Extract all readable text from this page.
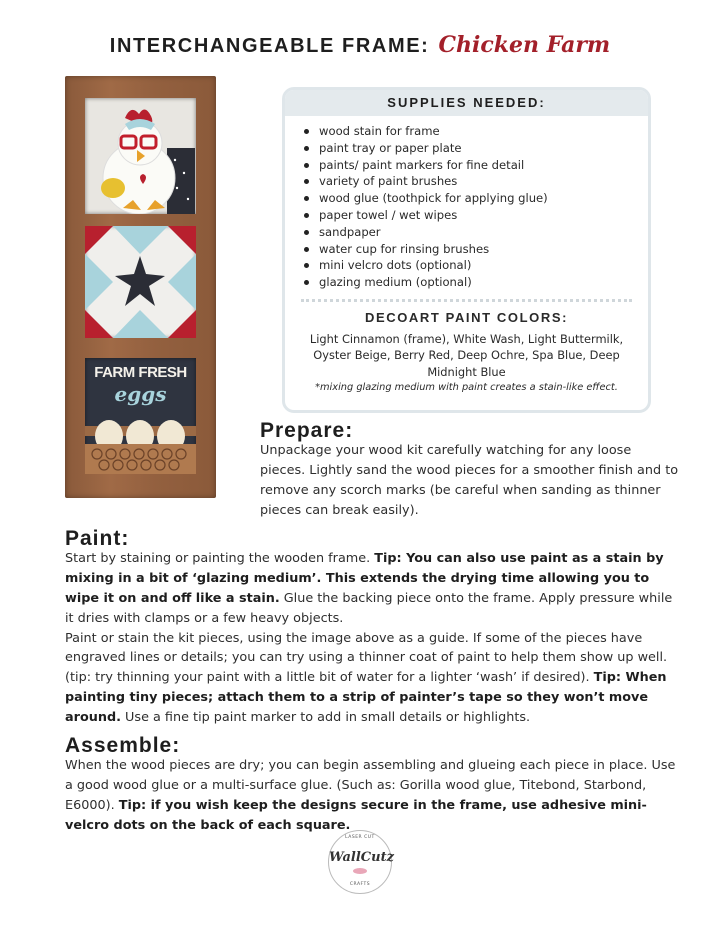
INTERCHANGEABLE FRAME: Chicken Farm
FARM FRESH
eggs
SUPPLIES NEEDED:
wood stain for frame
paint tray or paper plate
paints/ paint markers for fine detail
variety of paint brushes
wood glue (toothpick for applying glue)
paper towel / wet wipes
sandpaper
water cup for rinsing brushes
mini velcro dots (optional)
glazing medium (optional)
DECOART PAINT COLORS:
Light Cinnamon (frame), White Wash, Light Buttermilk, Oyster Beige, Berry Red, Deep Ochre, Spa Blue, Deep Midnight Blue
*mixing glazing medium with paint creates a stain-like effect.
Prepare:
Unpackage your wood kit carefully watching for any loose pieces. Lightly sand the wood pieces for a smoother finish and to remove any scorch marks (be careful when sanding as thinner pieces can break easily).
Paint:
Start by staining or painting the wooden frame. Tip: You can also use paint as a stain by mixing in a bit of ‘glazing medium’. This extends the drying time allowing you to wipe it on and off like a stain. Glue the backing piece onto the frame. Apply pressure while it dries with clamps or a few heavy objects.
Paint or stain the kit pieces, using the image above as a guide. If some of the pieces have engraved lines or details; you can try using a thinner coat of paint to help them show up well. (tip: try thinning your paint with a little bit of water for a lighter ‘wash’ if desired). Tip: When painting tiny pieces; attach them to a strip of painter’s tape so they won’t move around. Use a fine tip paint marker to add in small details or highlights.
Assemble:
When the wood pieces are dry; you can begin assembling and glueing each piece in place. Use a good wood glue or a multi-surface glue. (Such as: Gorilla wood glue, Titebond, Starbond, E6000). Tip: if you wish keep the designs secure in the frame, use adhesive mini-velcro dots on the back of each square.
LASER CUT
WallCutz
CRAFTS
